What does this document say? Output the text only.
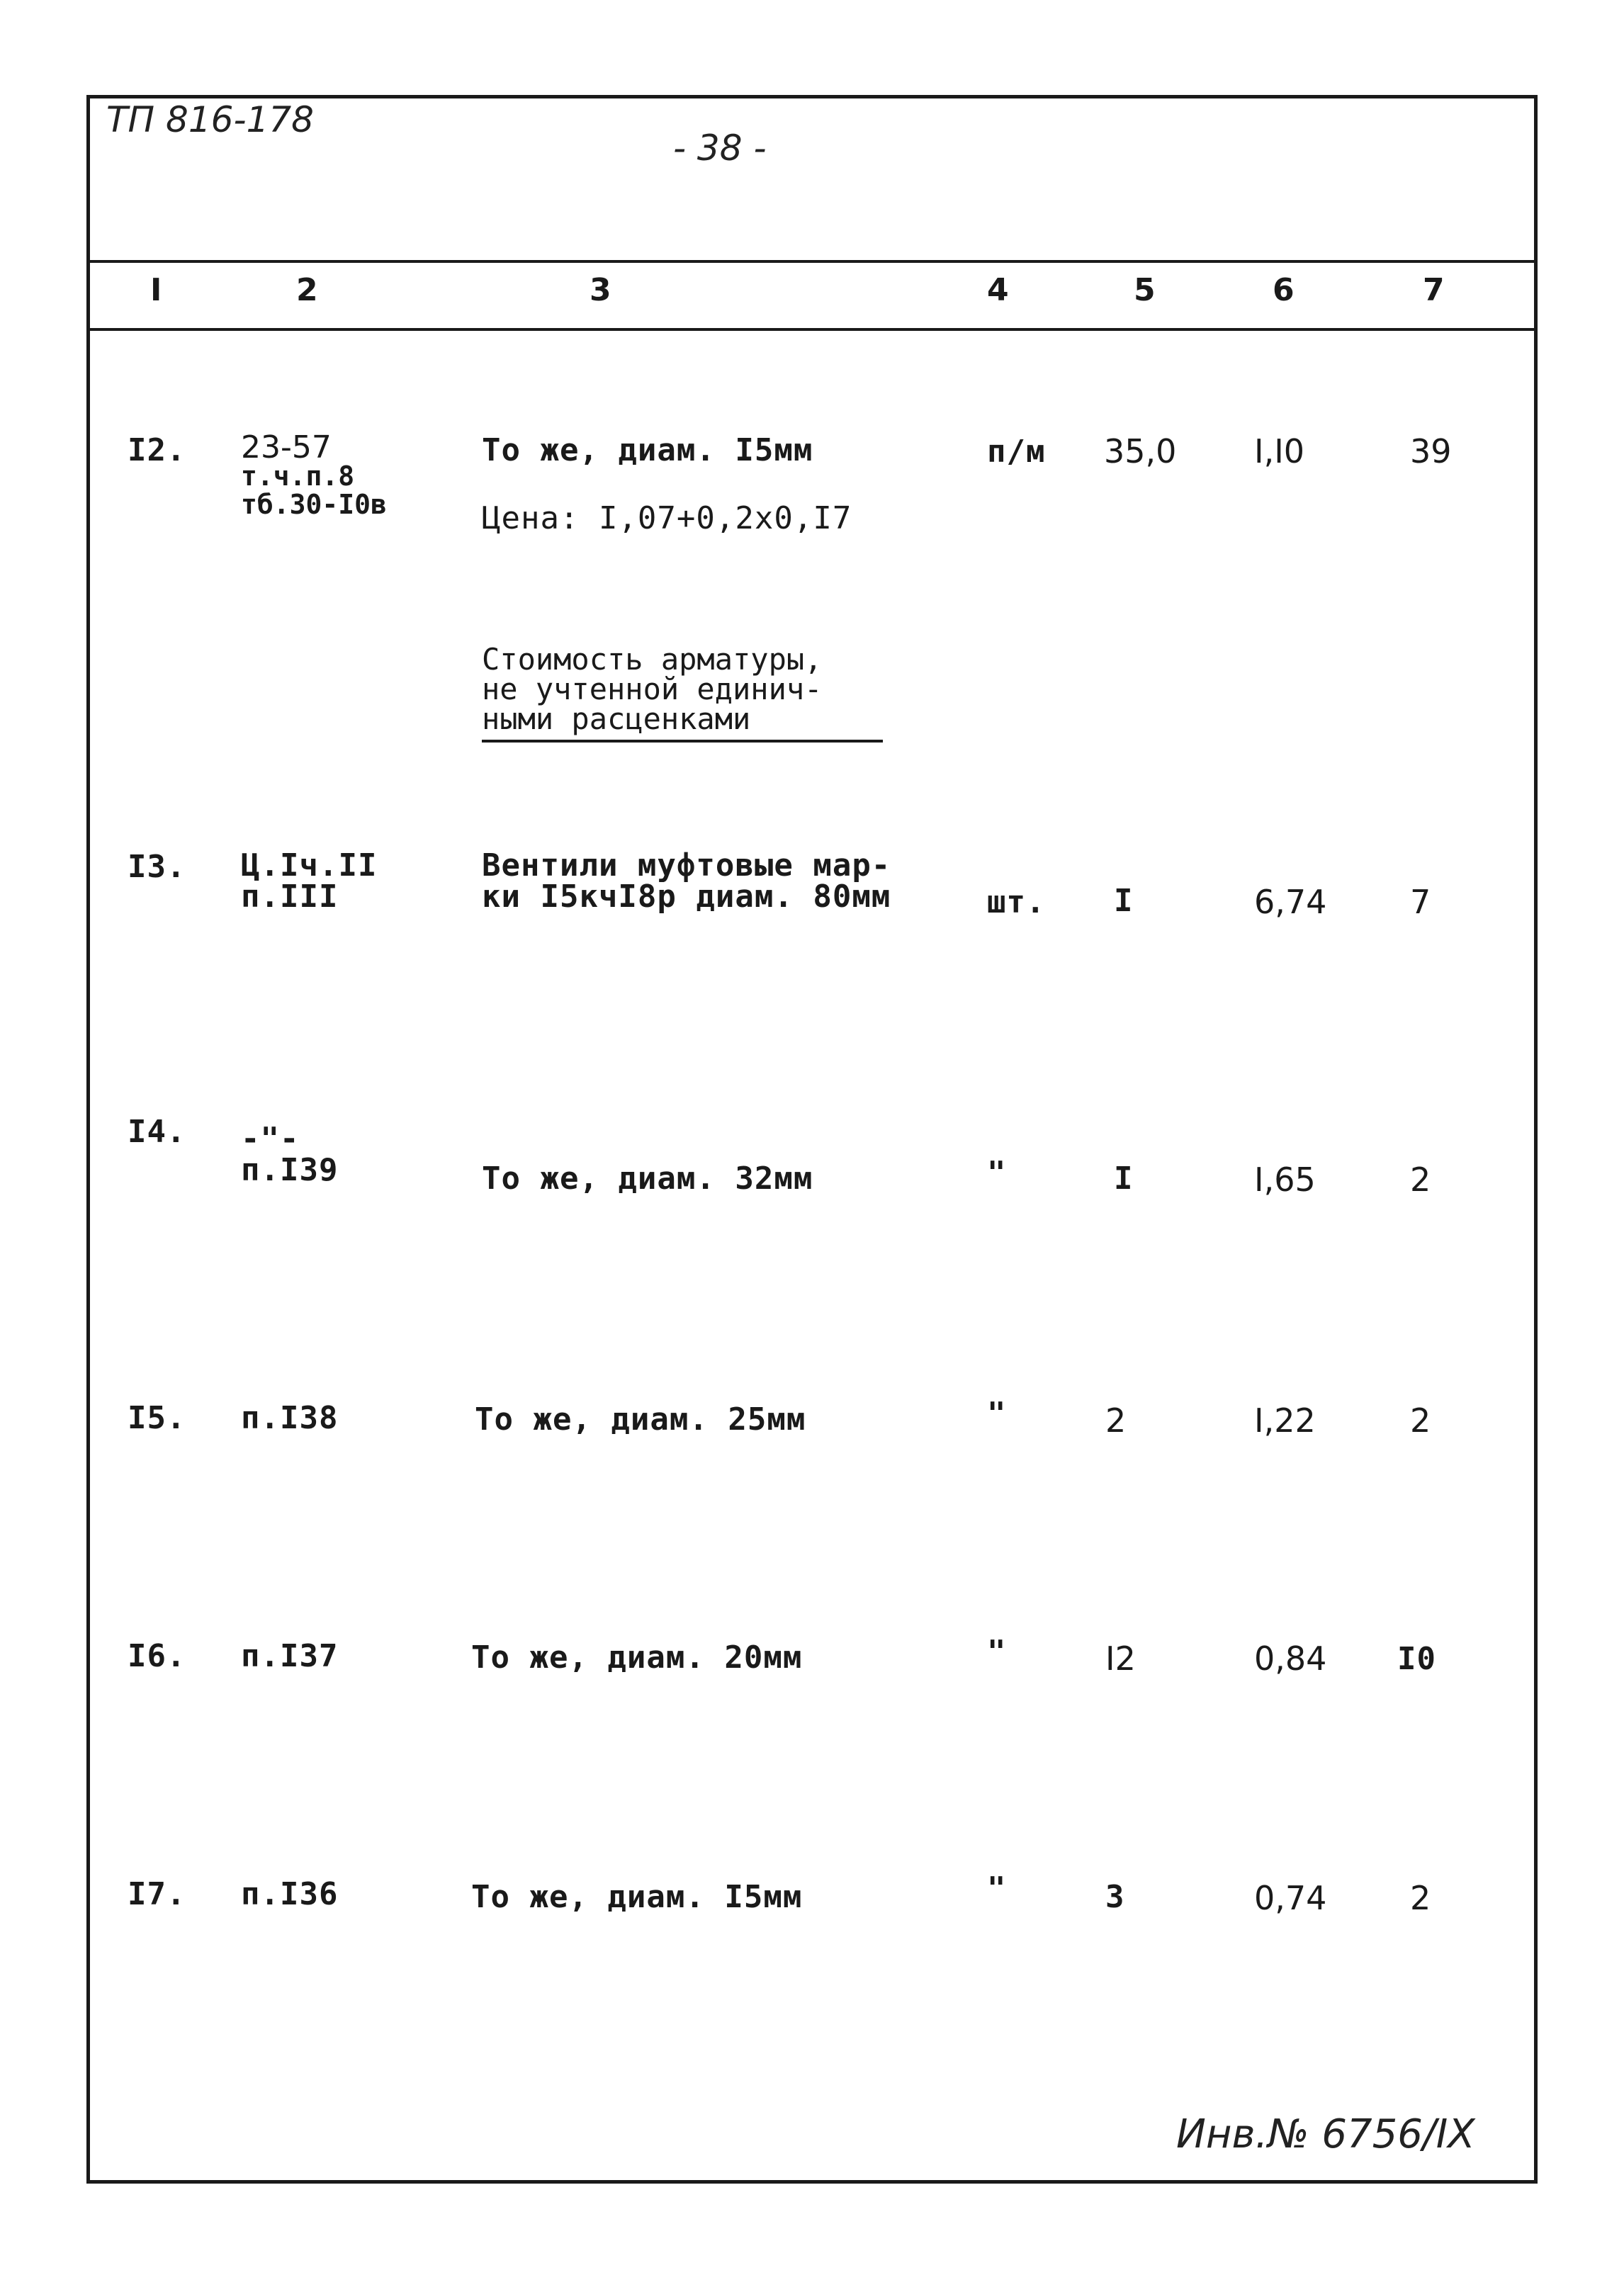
ТП 816-178
- 38 -
I	2	3	4	5	6	7
I2. 23-57
т.ч.п.8
тб.30-I0в
То же, диам. I5мм
Цена: I,07+0,2х0,I7
п/м 35,0 I,I0	39
Стоимость арматуры,
не учтенной единич-
ными расценками
I3. Ц.Iч.II
п.III
Вентили муфтовые мар-
ки I5кчI8р диам. 80мм	шт. I	6,74	7
I4. -"-
п.I39	То же, диам. 32мм	"	I	I,65	2
I5. п.I38	То же, диам. 25мм	"	2	I,22	2
I6. п.I37	То же, диам. 20мм	"	I2	0,84 I0
I7. п.I36	То же, диам. I5мм	"	3	0,74	2
Инв.№ 6756/IX
